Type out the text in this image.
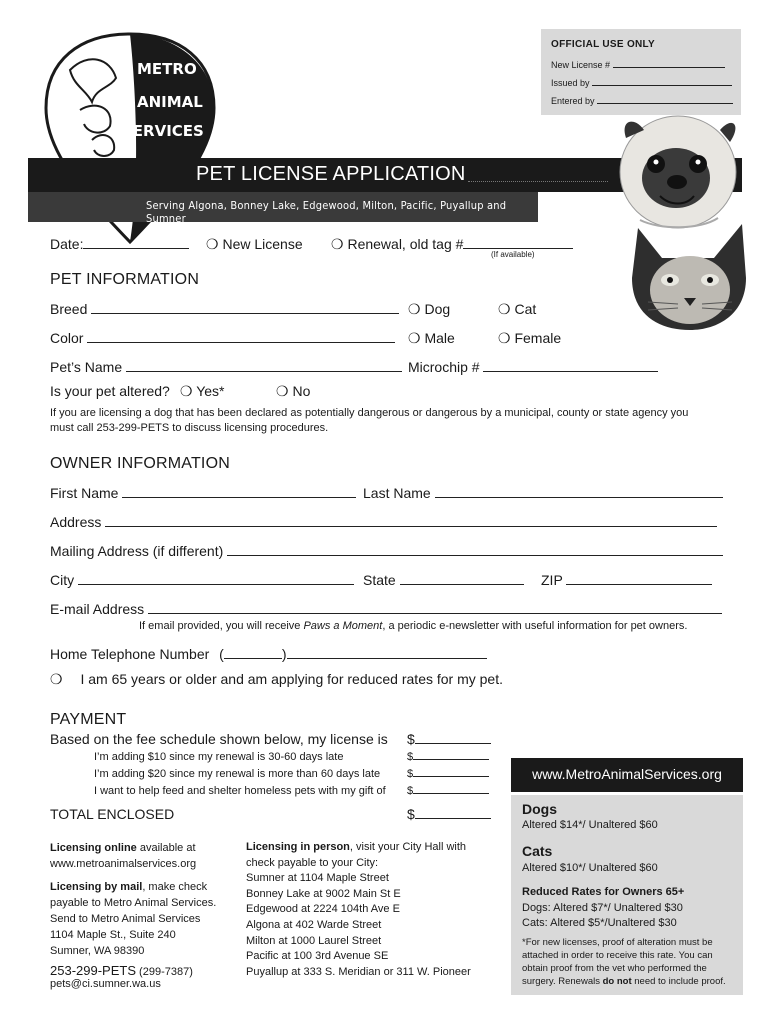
METRO
ANIMAL
SERVICES
OFFICIAL USE ONLY
New License #
Issued by
Entered by
PET LICENSE APPLICATION
Serving Algona, Bonney Lake, Edgewood, Milton, Pacific, Puyallup and Sumner
Date:	❍ New License ❍ Renewal, old tag #
(If available)
PET INFORMATION
Breed	❍ Dog	❍ Cat
Color	❍ Male	❍ Female
Pet’s Name	Microchip #
Is your pet altered? ❍ Yes*	❍ No
If you are licensing a dog that has been declared as potentially dangerous or dangerous by a municipal, county or state agency you must call 253-299-PETS to discuss licensing procedures.
OWNER INFORMATION
First Name	Last Name
Address
Mailing Address (if different)
City	State	ZIP
E-mail Address
If email provided, you will receive Paws a Moment, a periodic e-newsletter with useful information for pet owners.
Home Telephone Number (	)
❍ I am 65 years or older and am applying for reduced rates for my pet.
PAYMENT
Based on the fee schedule shown below, my license is $
I’m adding $10 since my renewal is 30-60 days late	$
I’m adding $20 since my renewal is more than 60 days late $
I want to help feed and shelter homeless pets with my gift of $
TOTAL ENCLOSED	$
Licensing online available at
www.metroanimalservices.org
Licensing by mail, make check
payable to Metro Animal Services.
Send to Metro Animal Services
1104 Maple St., Suite 240
Sumner, WA 98390
253-299-PETS (299-7387)
pets@ci.sumner.wa.us
Licensing in person, visit your City Hall with
check payable to your City:
Sumner at 1104 Maple Street
Bonney Lake at 9002 Main St E
Edgewood at 2224 104th Ave E
Algona at 402 Warde Street
Milton at 1000 Laurel Street
Pacific at 100 3rd Avenue SE
Puyallup at 333 S. Meridian or 311 W. Pioneer
www.MetroAnimalServices.org
Dogs
Altered $14*/ Unaltered $60
Cats
Altered $10*/ Unaltered $60
Reduced Rates for Owners 65+
Dogs: Altered $7*/ Unaltered $30
Cats: Altered $5*/Unaltered $30
*For new licenses, proof of alteration must be attached in order to receive this rate. You can obtain proof from the vet who performed the surgery. Renewals do not need to include proof.
